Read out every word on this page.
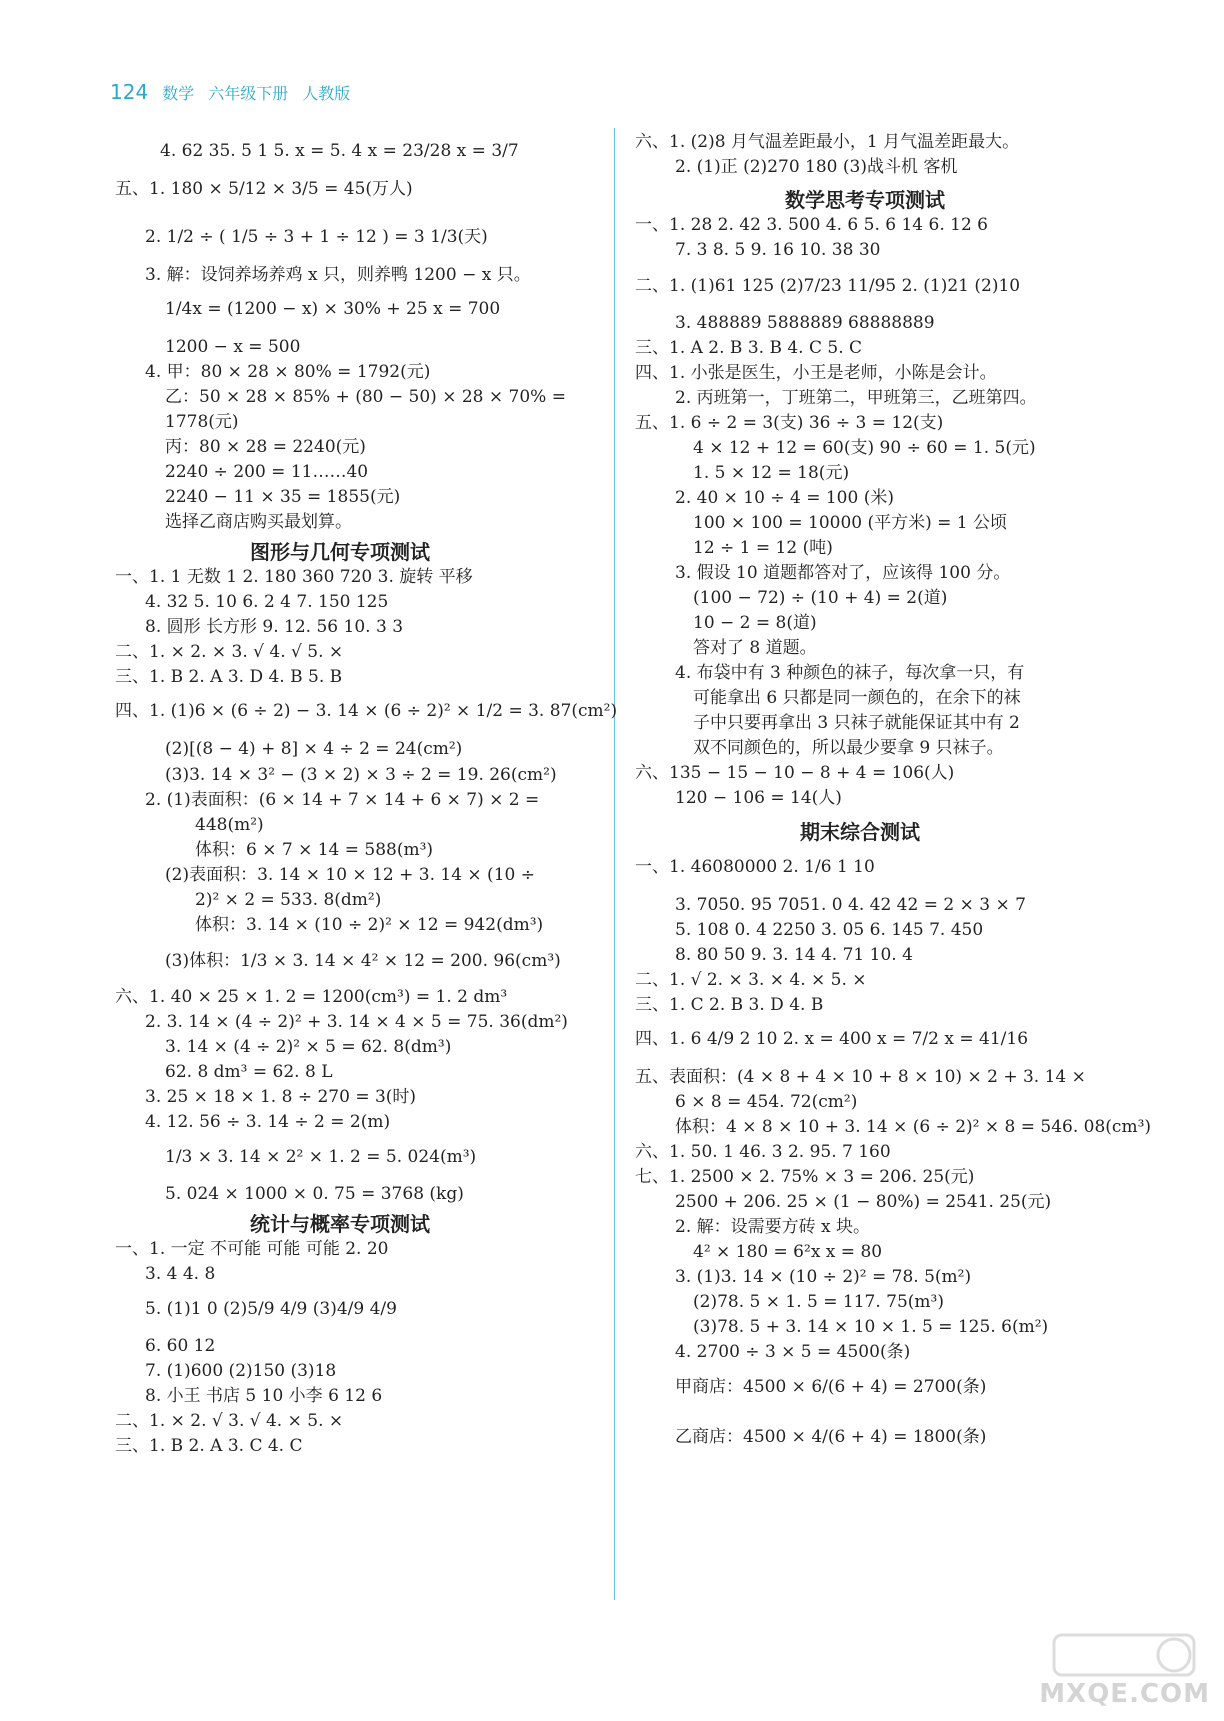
124 数学 六年级下册 人教版
4. 62 35. 5 1 5. x = 5. 4 x = 23/28 x = 3/7
五、1. 180 × 5/12 × 3/5 = 45(万人)
2. 1/2 ÷ ( 1/5 ÷ 3 + 1 ÷ 12 ) = 3 1/3(天)
3. 解：设饲养场养鸡 x 只，则养鸭 1200 − x 只。
1/4x = (1200 − x) × 30% + 25 x = 700
1200 − x = 500
4. 甲：80 × 28 × 80% = 1792(元)
乙：50 × 28 × 85% + (80 − 50) × 28 × 70% =
1778(元)
丙：80 × 28 = 2240(元)
2240 ÷ 200 = 11……40
2240 − 11 × 35 = 1855(元)
选择乙商店购买最划算。
图形与几何专项测试
一、1. 1 无数 1 2. 180 360 720 3. 旋转 平移
4. 32 5. 10 6. 2 4 7. 150 125
8. 圆形 长方形 9. 12. 56 10. 3 3
二、1. × 2. × 3. √ 4. √ 5. ×
三、1. B 2. A 3. D 4. B 5. B
四、1. (1)6 × (6 ÷ 2) − 3. 14 × (6 ÷ 2)² × 1/2 = 3. 87(cm²)
(2)[(8 − 4) + 8] × 4 ÷ 2 = 24(cm²)
(3)3. 14 × 3² − (3 × 2) × 3 ÷ 2 = 19. 26(cm²)
2. (1)表面积：(6 × 14 + 7 × 14 + 6 × 7) × 2 =
448(m²)
体积：6 × 7 × 14 = 588(m³)
(2)表面积：3. 14 × 10 × 12 + 3. 14 × (10 ÷
2)² × 2 = 533. 8(dm²)
体积：3. 14 × (10 ÷ 2)² × 12 = 942(dm³)
(3)体积：1/3 × 3. 14 × 4² × 12 = 200. 96(cm³)
六、1. 40 × 25 × 1. 2 = 1200(cm³) = 1. 2 dm³
2. 3. 14 × (4 ÷ 2)² + 3. 14 × 4 × 5 = 75. 36(dm²)
3. 14 × (4 ÷ 2)² × 5 = 62. 8(dm³)
62. 8 dm³ = 62. 8 L
3. 25 × 18 × 1. 8 ÷ 270 = 3(时)
4. 12. 56 ÷ 3. 14 ÷ 2 = 2(m)
1/3 × 3. 14 × 2² × 1. 2 = 5. 024(m³)
5. 024 × 1000 × 0. 75 = 3768 (kg)
统计与概率专项测试
一、1. 一定 不可能 可能 可能 2. 20
3. 4 4. 8
5. (1)1 0 (2)5/9 4/9 (3)4/9 4/9
6. 60 12
7. (1)600 (2)150 (3)18
8. 小王 书店 5 10 小李 6 12 6
二、1. × 2. √ 3. √ 4. × 5. ×
三、1. B 2. A 3. C 4. C
六、1. (2)8 月气温差距最小，1 月气温差距最大。
2. (1)正 (2)270 180 (3)战斗机 客机
数学思考专项测试
一、1. 28 2. 42 3. 500 4. 6 5. 6 14 6. 12 6
7. 3 8. 5 9. 16 10. 38 30
二、1. (1)61 125 (2)7/23 11/95 2. (1)21 (2)10
3. 488889 5888889 68888889
三、1. A 2. B 3. B 4. C 5. C
四、1. 小张是医生，小王是老师，小陈是会计。
2. 丙班第一，丁班第二，甲班第三，乙班第四。
五、1. 6 ÷ 2 = 3(支) 36 ÷ 3 = 12(支)
4 × 12 + 12 = 60(支) 90 ÷ 60 = 1. 5(元)
1. 5 × 12 = 18(元)
2. 40 × 10 ÷ 4 = 100 (米)
100 × 100 = 10000 (平方米) = 1 公顷
12 ÷ 1 = 12 (吨)
3. 假设 10 道题都答对了，应该得 100 分。
(100 − 72) ÷ (10 + 4) = 2(道)
10 − 2 = 8(道)
答对了 8 道题。
4. 布袋中有 3 种颜色的袜子，每次拿一只，有
可能拿出 6 只都是同一颜色的，在余下的袜
子中只要再拿出 3 只袜子就能保证其中有 2
双不同颜色的，所以最少要拿 9 只袜子。
六、135 − 15 − 10 − 8 + 4 = 106(人)
120 − 106 = 14(人)
期末综合测试
一、1. 46080000 2. 1/6 1 10
3. 7050. 95 7051. 0 4. 42 42 = 2 × 3 × 7
5. 108 0. 4 2250 3. 05 6. 145 7. 450
8. 80 50 9. 3. 14 4. 71 10. 4
二、1. √ 2. × 3. × 4. × 5. ×
三、1. C 2. B 3. D 4. B
四、1. 6 4/9 2 10 2. x = 400 x = 7/2 x = 41/16
五、表面积：(4 × 8 + 4 × 10 + 8 × 10) × 2 + 3. 14 ×
6 × 8 = 454. 72(cm²)
体积：4 × 8 × 10 + 3. 14 × (6 ÷ 2)² × 8 = 546. 08(cm³)
六、1. 50. 1 46. 3 2. 95. 7 160
七、1. 2500 × 2. 75% × 3 = 206. 25(元)
2500 + 206. 25 × (1 − 80%) = 2541. 25(元)
2. 解：设需要方砖 x 块。
4² × 180 = 6²x x = 80
3. (1)3. 14 × (10 ÷ 2)² = 78. 5(m²)
(2)78. 5 × 1. 5 = 117. 75(m³)
(3)78. 5 + 3. 14 × 10 × 1. 5 = 125. 6(m²)
4. 2700 ÷ 3 × 5 = 4500(条)
甲商店：4500 × 6/(6 + 4) = 2700(条)
乙商店：4500 × 4/(6 + 4) = 1800(条)
MXQE.COM
